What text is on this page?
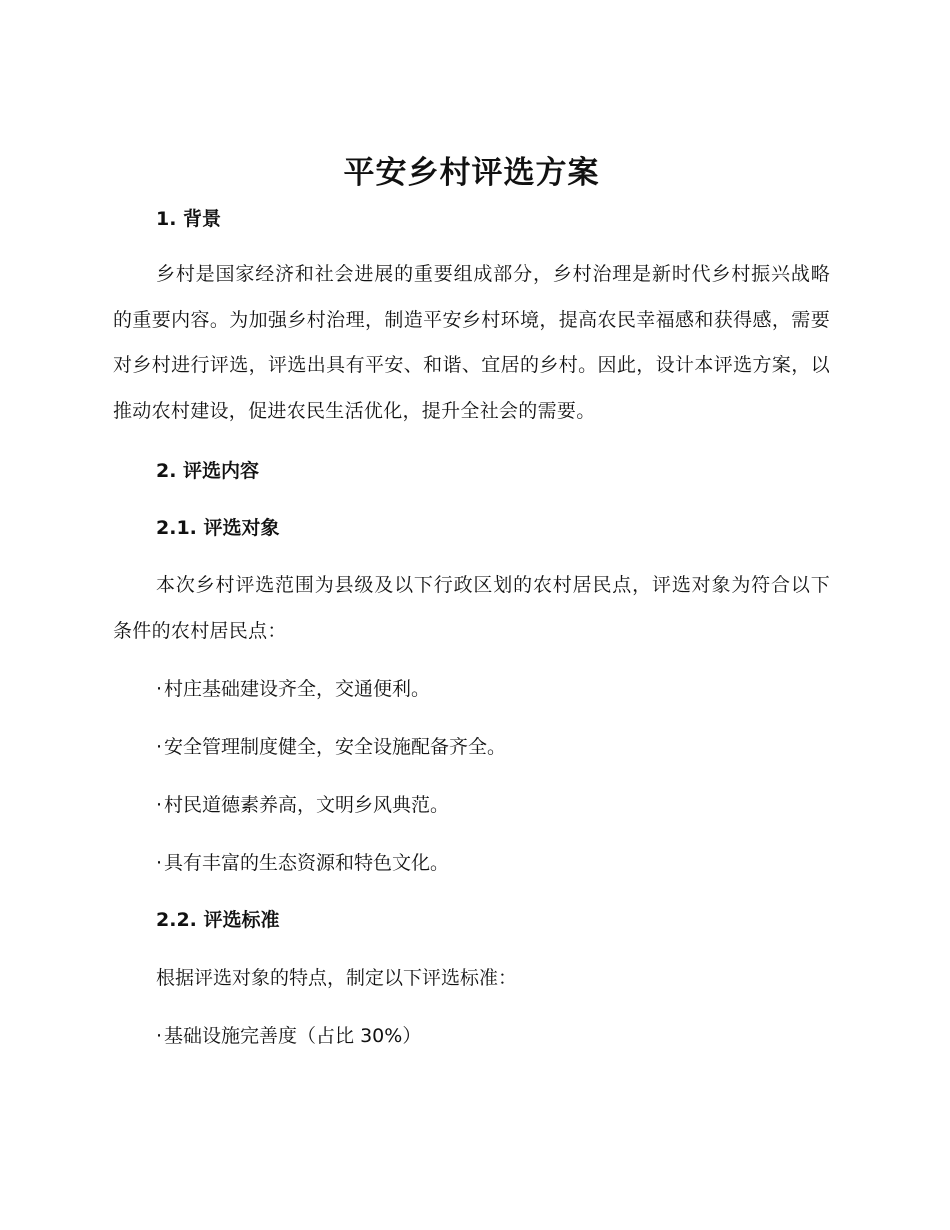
平安乡村评选方案
1. 背景

乡村是国家经济和社会进展的重要组成部分，乡村治理是新时代乡村振兴战略的重要内容。为加强乡村治理，制造平安乡村环境，提高农民幸福感和获得感，需要对乡村进行评选，评选出具有平安、和谐、宜居的乡村。因此，设计本评选方案，以推动农村建设，促进农民生活优化，提升全社会的需要。

2. 评选内容
2.1. 评选对象

本次乡村评选范围为县级及以下行政区划的农村居民点，评选对象为符合以下条件的农村居民点：

· 村庄基础建设齐全，交通便利。
· 安全管理制度健全，安全设施配备齐全。
· 村民道德素养高，文明乡风典范。
· 具有丰富的生态资源和特色文化。
2.2. 评选标准
根据评选对象的特点，制定以下评选标准：
· 基础设施完善度（占比 30%）
